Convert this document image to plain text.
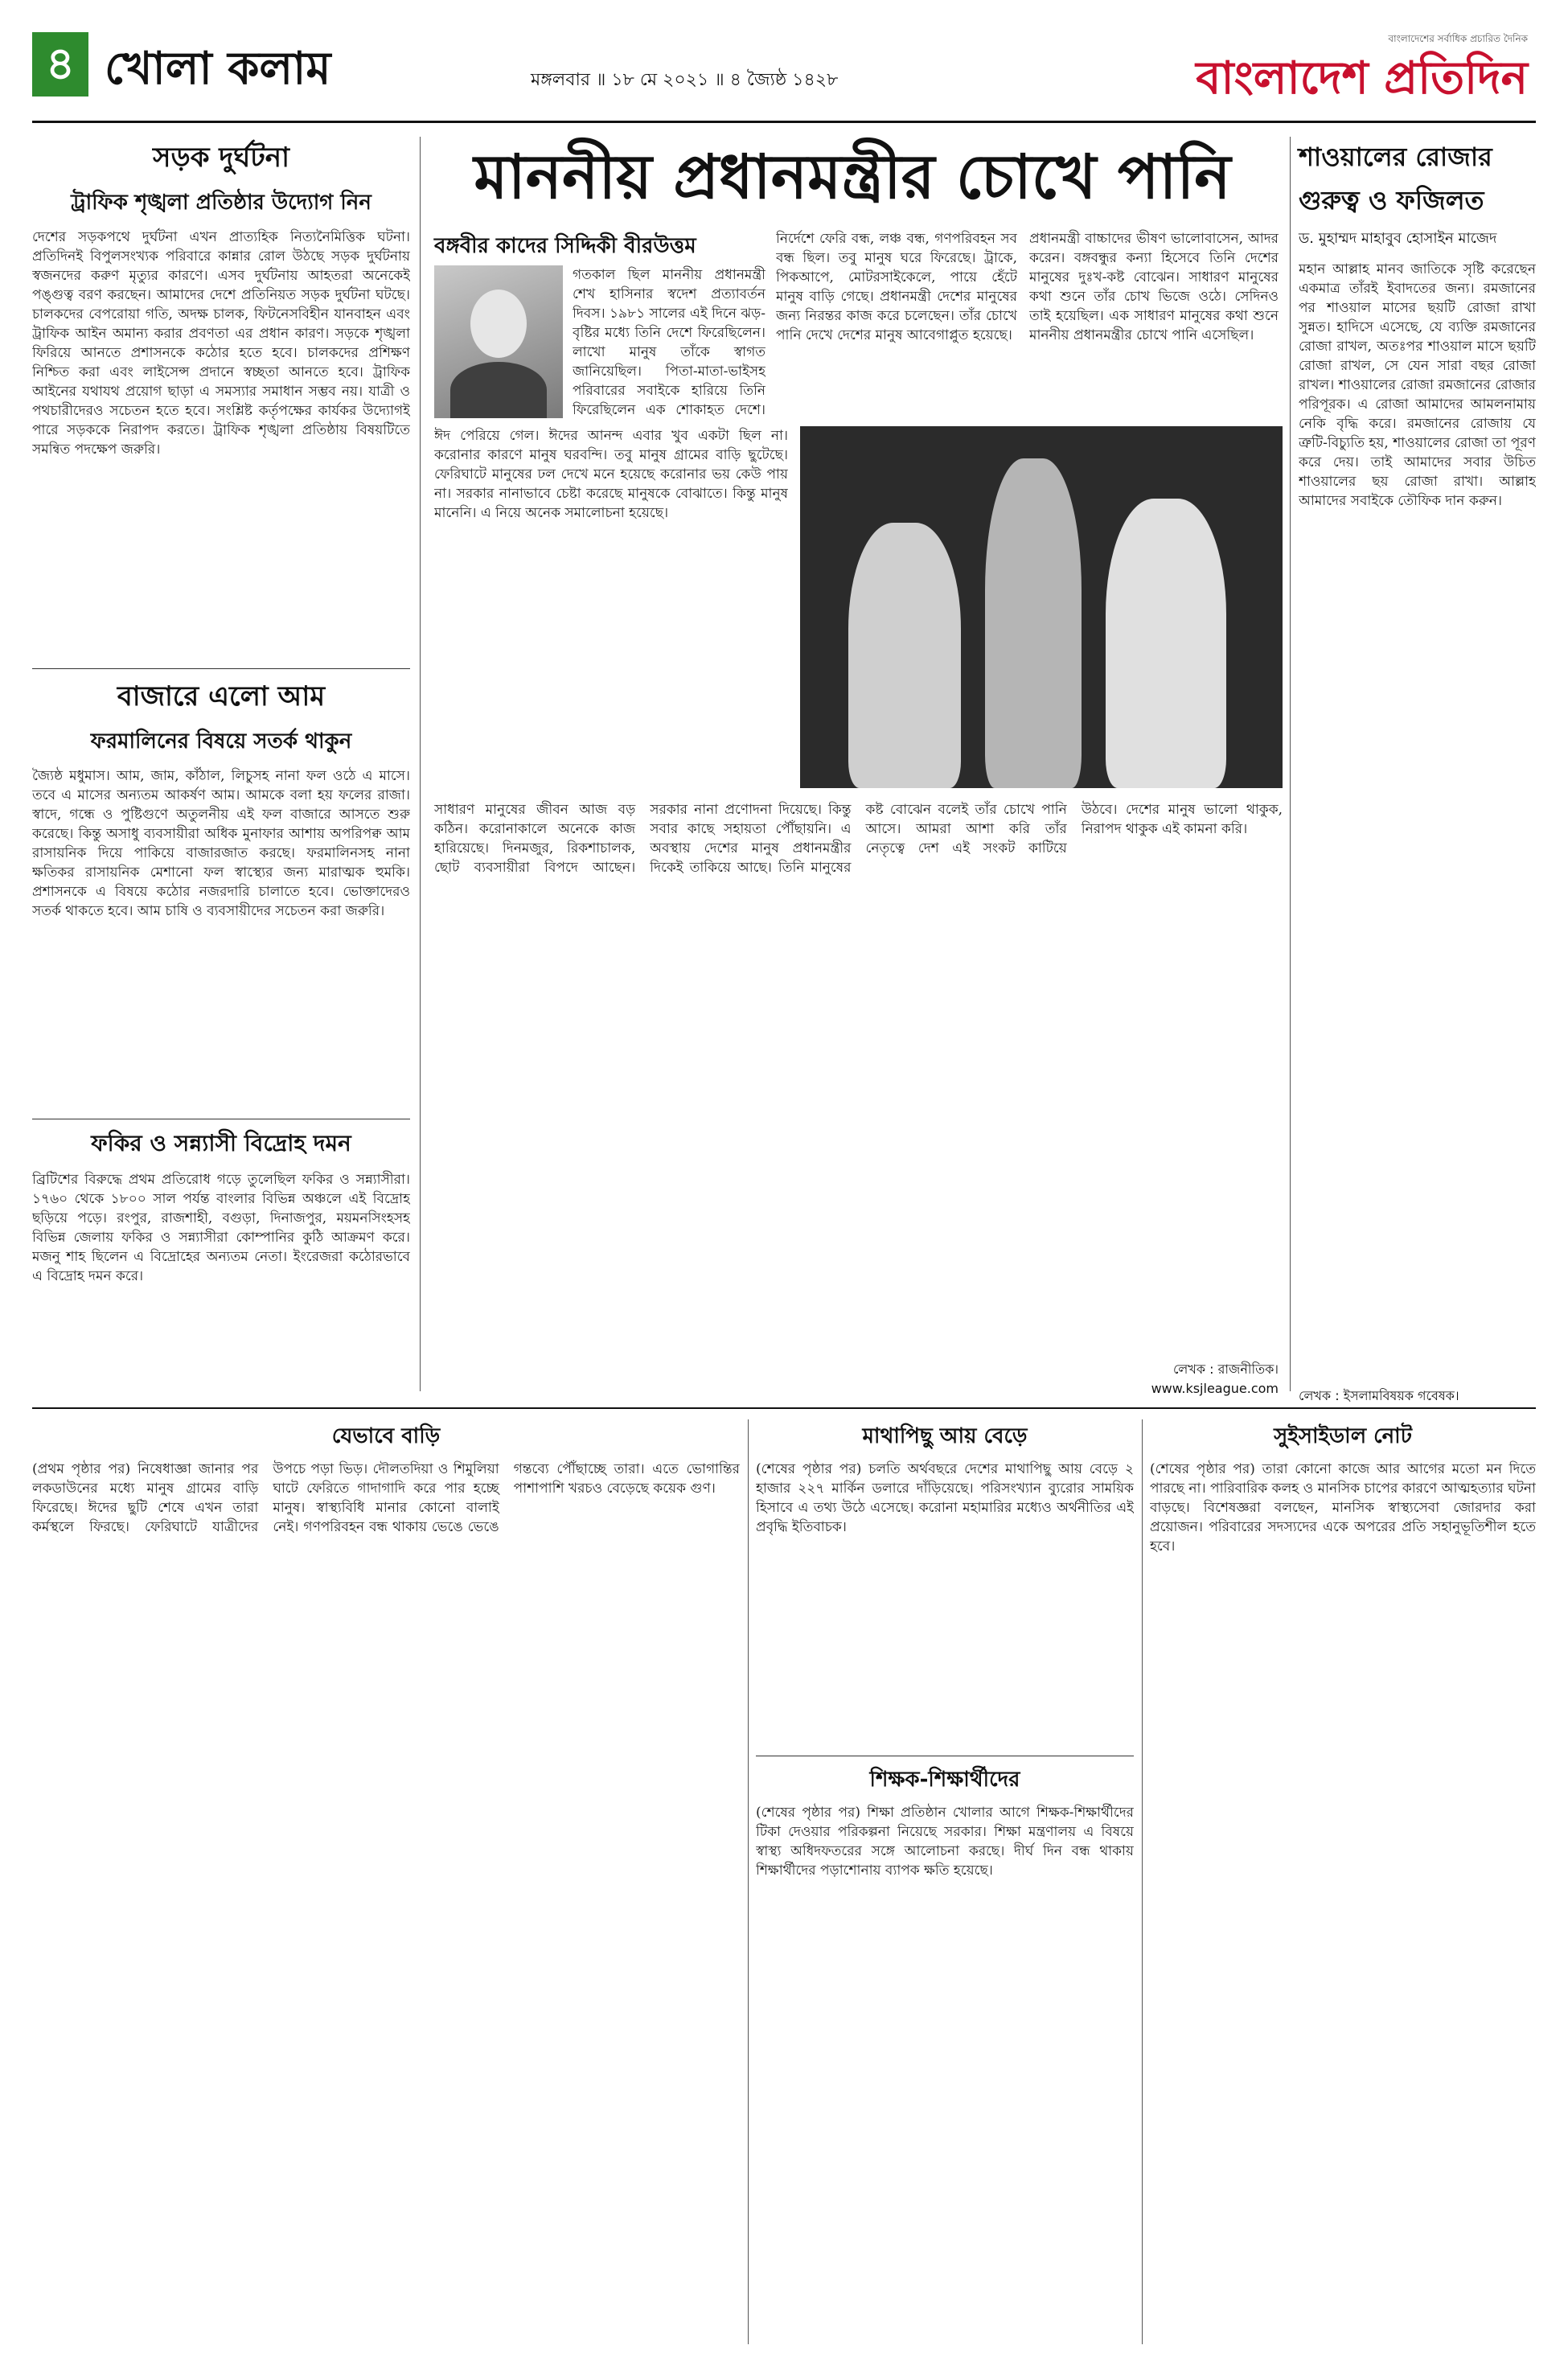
৪ খোলা কলাম	মঙ্গলবার ॥ ১৮ মে ২০২১ ॥ ৪ জ্যৈষ্ঠ ১৪২৮
বাংলাদেশের সর্বাধিক প্রচারিত দৈনিক
বাংলাদেশ প্রতিদিন
সড়ক দুর্ঘটনা
ট্রাফিক শৃঙ্খলা প্রতিষ্ঠার উদ্যোগ নিন
দেশের সড়কপথে দুর্ঘটনা এখন প্রাত্যহিক নিত্যনৈমিত্তিক ঘটনা। প্রতিদিনই বিপুলসংখ্যক পরিবারে কান্নার রোল উঠছে সড়ক দুর্ঘটনায় স্বজনদের করুণ মৃত্যুর কারণে। এসব দুর্ঘটনায় আহতরা অনেকেই পঙ্গুত্ব বরণ করছেন। আমাদের দেশে প্রতিনিয়ত সড়ক দুর্ঘটনা ঘটছে। চালকদের বেপরোয়া গতি, অদক্ষ চালক, ফিটনেসবিহীন যানবাহন এবং ট্রাফিক আইন অমান্য করার প্রবণতা এর প্রধান কারণ। সড়কে শৃঙ্খলা ফিরিয়ে আনতে প্রশাসনকে কঠোর হতে হবে। চালকদের প্রশিক্ষণ নিশ্চিত করা এবং লাইসেন্স প্রদানে স্বচ্ছতা আনতে হবে। ট্রাফিক আইনের যথাযথ প্রয়োগ ছাড়া এ সমস্যার সমাধান সম্ভব নয়। যাত্রী ও পথচারীদেরও সচেতন হতে হবে। সংশ্লিষ্ট কর্তৃপক্ষের কার্যকর উদ্যোগই পারে সড়ককে নিরাপদ করতে। ট্রাফিক শৃঙ্খলা প্রতিষ্ঠায় বিষয়টিতে সমন্বিত পদক্ষেপ জরুরি।
বাজারে এলো আম
ফরমালিনের বিষয়ে সতর্ক থাকুন
জ্যৈষ্ঠ মধুমাস। আম, জাম, কাঁঠাল, লিচুসহ নানা ফল ওঠে এ মাসে। তবে এ মাসের অন্যতম আকর্ষণ আম। আমকে বলা হয় ফলের রাজা। স্বাদে, গন্ধে ও পুষ্টিগুণে অতুলনীয় এই ফল বাজারে আসতে শুরু করেছে। কিন্তু অসাধু ব্যবসায়ীরা অধিক মুনাফার আশায় অপরিপক্ব আম রাসায়নিক দিয়ে পাকিয়ে বাজারজাত করছে। ফরমালিনসহ নানা ক্ষতিকর রাসায়নিক মেশানো ফল স্বাস্থ্যের জন্য মারাত্মক হুমকি। প্রশাসনকে এ বিষয়ে কঠোর নজরদারি চালাতে হবে। ভোক্তাদেরও সতর্ক থাকতে হবে। আম চাষি ও ব্যবসায়ীদের সচেতন করা জরুরি।
ফকির ও সন্ন্যাসী বিদ্রোহ দমন
ব্রিটিশের বিরুদ্ধে প্রথম প্রতিরোধ গড়ে তুলেছিল ফকির ও সন্ন্যাসীরা। ১৭৬০ থেকে ১৮০০ সাল পর্যন্ত বাংলার বিভিন্ন অঞ্চলে এই বিদ্রোহ ছড়িয়ে পড়ে। রংপুর, রাজশাহী, বগুড়া, দিনাজপুর, ময়মনসিংহসহ বিভিন্ন জেলায় ফকির ও সন্ন্যাসীরা কোম্পানির কুঠি আক্রমণ করে। মজনু শাহ ছিলেন এ বিদ্রোহের অন্যতম নেতা। ইংরেজরা কঠোরভাবে এ বিদ্রোহ দমন করে।
মাননীয় প্রধানমন্ত্রীর চোখে পানি
বঙ্গবীর কাদের সিদ্দিকী বীরউত্তম
গতকাল ছিল মাননীয় প্রধানমন্ত্রী শেখ হাসিনার স্বদেশ প্রত্যাবর্তন দিবস। ১৯৮১ সালের এই দিনে ঝড়-বৃষ্টির মধ্যে তিনি দেশে ফিরেছিলেন। লাখো মানুষ তাঁকে স্বাগত জানিয়েছিল। পিতা-মাতা-ভাইসহ পরিবারের সবাইকে হারিয়ে তিনি ফিরেছিলেন এক শোকাহত দেশে।
ঈদ পেরিয়ে গেল। ঈদের আনন্দ এবার খুব একটা ছিল না। করোনার কারণে মানুষ ঘরবন্দি। তবু মানুষ গ্রামের বাড়ি ছুটেছে। ফেরিঘাটে মানুষের ঢল দেখে মনে হয়েছে করোনার ভয় কেউ পায় না। সরকার নানাভাবে চেষ্টা করেছে মানুষকে বোঝাতে। কিন্তু মানুষ মানেনি। এ নিয়ে অনেক সমালোচনা হয়েছে।
নির্দেশে ফেরি বন্ধ, লঞ্চ বন্ধ, গণপরিবহন সব বন্ধ ছিল। তবু মানুষ ঘরে ফিরেছে। ট্রাকে, পিকআপে, মোটরসাইকেলে, পায়ে হেঁটে মানুষ বাড়ি গেছে। প্রধানমন্ত্রী দেশের মানুষের জন্য নিরন্তর কাজ করে চলেছেন। তাঁর চোখে পানি দেখে দেশের মানুষ আবেগাপ্লুত হয়েছে।
প্রধানমন্ত্রী বাচ্চাদের ভীষণ ভালোবাসেন, আদর করেন। বঙ্গবন্ধুর কন্যা হিসেবে তিনি দেশের মানুষের দুঃখ-কষ্ট বোঝেন। সাধারণ মানুষের কথা শুনে তাঁর চোখ ভিজে ওঠে। সেদিনও তাই হয়েছিল। এক সাধারণ মানুষের কথা শুনে মাননীয় প্রধানমন্ত্রীর চোখে পানি এসেছিল।
সাধারণ মানুষের জীবন আজ বড় কঠিন। করোনাকালে অনেকে কাজ হারিয়েছে। দিনমজুর, রিকশাচালক, ছোট ব্যবসায়ীরা বিপদে আছেন। সরকার নানা প্রণোদনা দিয়েছে। কিন্তু সবার কাছে সহায়তা পৌঁছায়নি। এ অবস্থায় দেশের মানুষ প্রধানমন্ত্রীর দিকেই তাকিয়ে আছে। তিনি মানুষের কষ্ট বোঝেন বলেই তাঁর চোখে পানি আসে। আমরা আশা করি তাঁর নেতৃত্বে দেশ এই সংকট কাটিয়ে উঠবে। দেশের মানুষ ভালো থাকুক, নিরাপদ থাকুক এই কামনা করি।
লেখক : রাজনীতিক।
www.ksjleague.com
শাওয়ালের রোজার গুরুত্ব ও ফজিলত
ড. মুহাম্মদ মাহাবুব হোসাইন মাজেদ
মহান আল্লাহ মানব জাতিকে সৃষ্টি করেছেন একমাত্র তাঁরই ইবাদতের জন্য। রমজানের পর শাওয়াল মাসের ছয়টি রোজা রাখা সুন্নত। হাদিসে এসেছে, যে ব্যক্তি রমজানের রোজা রাখল, অতঃপর শাওয়াল মাসে ছয়টি রোজা রাখল, সে যেন সারা বছর রোজা রাখল। শাওয়ালের রোজা রমজানের রোজার পরিপূরক। এ রোজা আমাদের আমলনামায় নেকি বৃদ্ধি করে। রমজানের রোজায় যে ত্রুটি-বিচ্যুতি হয়, শাওয়ালের রোজা তা পূরণ করে দেয়। তাই আমাদের সবার উচিত শাওয়ালের ছয় রোজা রাখা। আল্লাহ আমাদের সবাইকে তৌফিক দান করুন।
লেখক : ইসলামবিষয়ক গবেষক।
যেভাবে বাড়ি
(প্রথম পৃষ্ঠার পর) নিষেধাজ্ঞা জানার পর লকডাউনের মধ্যে মানুষ গ্রামের বাড়ি ফিরেছে। ঈদের ছুটি শেষে এখন তারা কর্মস্থলে ফিরছে। ফেরিঘাটে যাত্রীদের উপচে পড়া ভিড়। দৌলতদিয়া ও শিমুলিয়া ঘাটে ফেরিতে গাদাগাদি করে পার হচ্ছে মানুষ। স্বাস্থ্যবিধি মানার কোনো বালাই নেই। গণপরিবহন বন্ধ থাকায় ভেঙে ভেঙে গন্তব্যে পৌঁছাচ্ছে তারা। এতে ভোগান্তির পাশাপাশি খরচও বেড়েছে কয়েক গুণ।
মাথাপিছু আয় বেড়ে
(শেষের পৃষ্ঠার পর) চলতি অর্থবছরে দেশের মাথাপিছু আয় বেড়ে ২ হাজার ২২৭ মার্কিন ডলারে দাঁড়িয়েছে। পরিসংখ্যান ব্যুরোর সাময়িক হিসাবে এ তথ্য উঠে এসেছে। করোনা মহামারির মধ্যেও অর্থনীতির এই প্রবৃদ্ধি ইতিবাচক।
শিক্ষক-শিক্ষার্থীদের
(শেষের পৃষ্ঠার পর) শিক্ষা প্রতিষ্ঠান খোলার আগে শিক্ষক-শিক্ষার্থীদের টিকা দেওয়ার পরিকল্পনা নিয়েছে সরকার। শিক্ষা মন্ত্রণালয় এ বিষয়ে স্বাস্থ্য অধিদফতরের সঙ্গে আলোচনা করছে। দীর্ঘ দিন বন্ধ থাকায় শিক্ষার্থীদের পড়াশোনায় ব্যাপক ক্ষতি হয়েছে।
সুইসাইডাল নোট
(শেষের পৃষ্ঠার পর) তারা কোনো কাজে আর আগের মতো মন দিতে পারছে না। পারিবারিক কলহ ও মানসিক চাপের কারণে আত্মহত্যার ঘটনা বাড়ছে। বিশেষজ্ঞরা বলছেন, মানসিক স্বাস্থ্যসেবা জোরদার করা প্রয়োজন। পরিবারের সদস্যদের একে অপরের প্রতি সহানুভূতিশীল হতে হবে।
